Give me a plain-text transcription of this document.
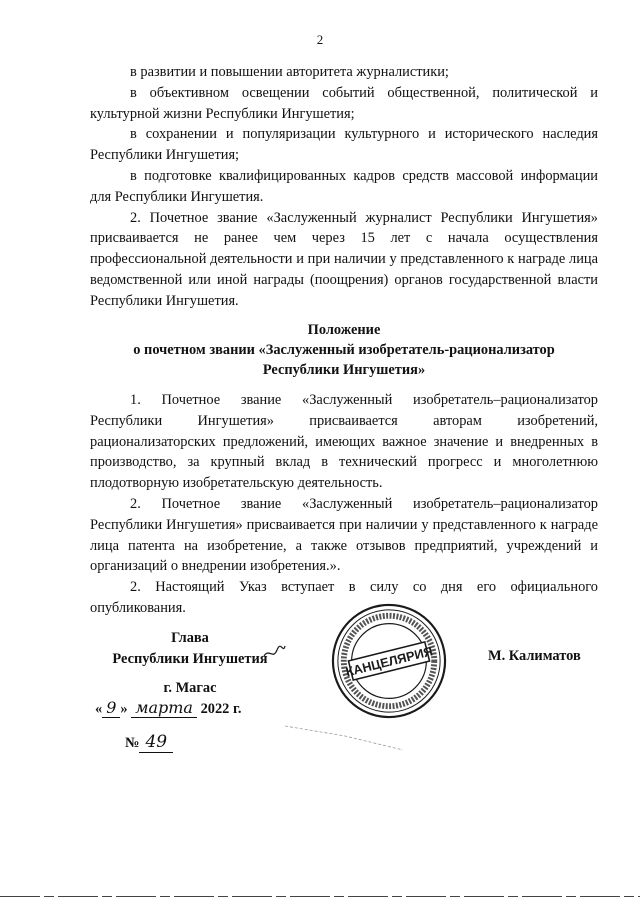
2

в развитии и повышении авторитета журналистики;

в объективном освещении событий общественной, политической и культурной жизни Республики Ингушетия;

в сохранении и популяризации культурного и исторического наследия Республики Ингушетия;

в подготовке квалифицированных кадров средств массовой информации для Республики Ингушетия.

2. Почетное звание «Заслуженный журналист Республики Ингушетия» присваивается не ранее чем через 15 лет с начала осуществления профессиональной деятельности и при наличии у представленного к награде лица ведомственной или иной награды (поощрения) органов государственной власти Республики Ингушетия.

Положение
о почетном звании «Заслуженный изобретатель-рационализатор
Республики Ингушетия»

1. Почетное звание «Заслуженный изобретатель–рационализатор Республики Ингушетия» присваивается авторам изобретений, рационализаторских предложений, имеющих важное значение и внедренных в производство, за крупный вклад в технический прогресс и многолетнюю плодотворную изобретательскую деятельность.

2. Почетное звание «Заслуженный изобретатель–рационализатор Республики Ингушетия» присваивается при наличии у представленного к награде лица патента на изобретение, а также отзывов предприятий, учреждений и организаций о внедрении изобретения.».

2. Настоящий Указ вступает в силу со дня его официального опубликования.

Глава
Республики Ингушетия	КАНЦЕЛЯРИЯ	М. Калиматов
г. Магас
« 9 » марта 2022 г.
№ 49
